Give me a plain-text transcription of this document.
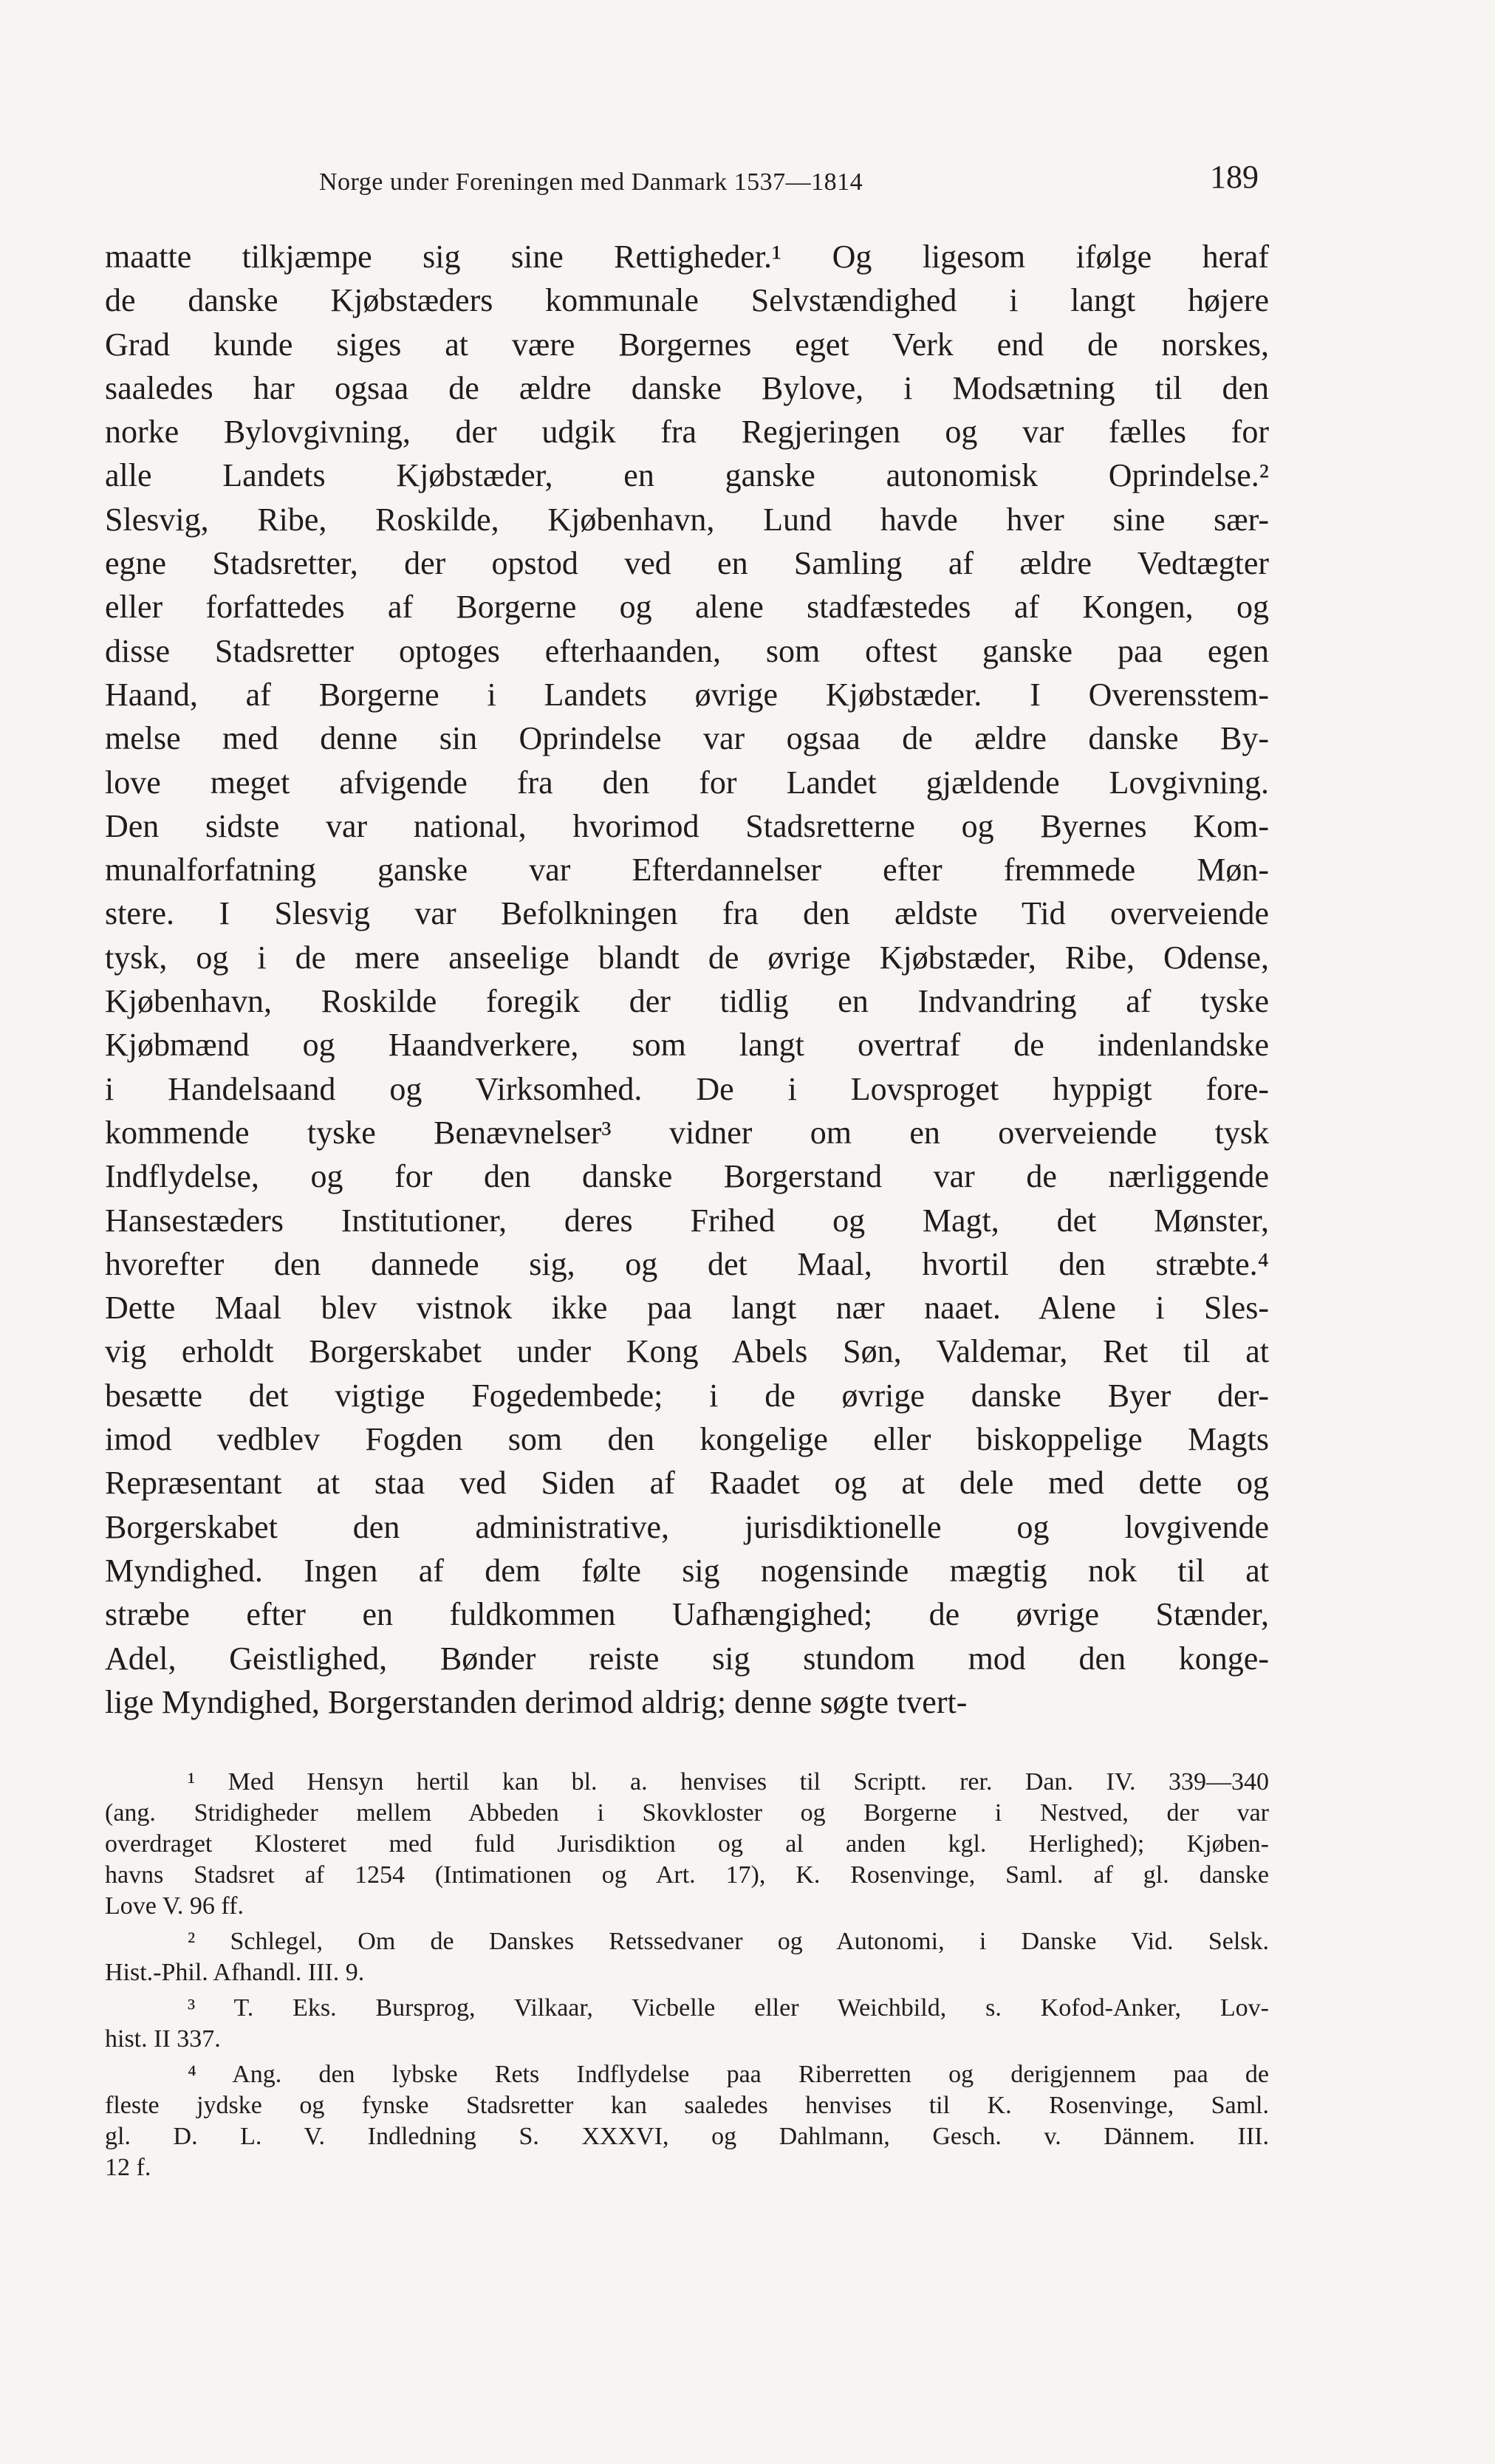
Norge under Foreningen med Danmark 1537—1814	189
maatte tilkjæmpe sig sine Rettigheder.¹ Og ligesom ifølge heraf
de danske Kjøbstæders kommunale Selvstændighed i langt højere
Grad kunde siges at være Borgernes eget Verk end de norskes,
saaledes har ogsaa de ældre danske Bylove, i Modsætning til den
norke Bylovgivning, der udgik fra Regjeringen og var fælles for
alle Landets Kjøbstæder, en ganske autonomisk Oprindelse.²
Slesvig, Ribe, Roskilde, Kjøbenhavn, Lund havde hver sine sær-
egne Stadsretter, der opstod ved en Samling af ældre Vedtægter
eller forfattedes af Borgerne og alene stadfæstedes af Kongen, og
disse Stadsretter optoges efterhaanden, som oftest ganske paa egen
Haand, af Borgerne i Landets øvrige Kjøbstæder. I Overensstem-
melse med denne sin Oprindelse var ogsaa de ældre danske By-
love meget afvigende fra den for Landet gjældende Lovgivning.
Den sidste var national, hvorimod Stadsretterne og Byernes Kom-
munalforfatning ganske var Efterdannelser efter fremmede Møn-
stere. I Slesvig var Befolkningen fra den ældste Tid overveiende
tysk, og i de mere anseelige blandt de øvrige Kjøbstæder, Ribe, Odense,
Kjøbenhavn, Roskilde foregik der tidlig en Indvandring af tyske
Kjøbmænd og Haandverkere, som langt overtraf de indenlandske
i Handelsaand og Virksomhed. De i Lovsproget hyppigt fore-
kommende tyske Benævnelser³ vidner om en overveiende tysk
Indflydelse, og for den danske Borgerstand var de nærliggende
Hansestæders Institutioner, deres Frihed og Magt, det Mønster,
hvorefter den dannede sig, og det Maal, hvortil den stræbte.⁴
Dette Maal blev vistnok ikke paa langt nær naaet. Alene i Sles-
vig erholdt Borgerskabet under Kong Abels Søn, Valdemar, Ret til at
besætte det vigtige Fogedembede; i de øvrige danske Byer der-
imod vedblev Fogden som den kongelige eller biskoppelige Magts
Repræsentant at staa ved Siden af Raadet og at dele med dette og
Borgerskabet den administrative, jurisdiktionelle og lovgivende
Myndighed. Ingen af dem følte sig nogensinde mægtig nok til at
stræbe efter en fuldkommen Uafhængighed; de øvrige Stænder,
Adel, Geistlighed, Bønder reiste sig stundom mod den konge-
lige Myndighed, Borgerstanden derimod aldrig; denne søgte tvert-
¹ Med Hensyn hertil kan bl. a. henvises til Scriptt. rer. Dan. IV. 339—340
(ang. Stridigheder mellem Abbeden i Skovkloster og Borgerne i Nestved, der var
overdraget Klosteret med fuld Jurisdiktion og al anden kgl. Herlighed); Kjøben-
havns Stadsret af 1254 (Intimationen og Art. 17), K. Rosenvinge, Saml. af gl. danske
Love V. 96 ff.
² Schlegel, Om de Danskes Retssedvaner og Autonomi, i Danske Vid. Selsk.
Hist.-Phil. Afhandl. III. 9.
³ T. Eks. Bursprog, Vilkaar, Vicbelle eller Weichbild, s. Kofod-Anker, Lov-
hist. II 337.
⁴ Ang. den lybske Rets Indflydelse paa Riberretten og derigjennem paa de
fleste jydske og fynske Stadsretter kan saaledes henvises til K. Rosenvinge, Saml.
gl. D. L. V. Indledning S. XXXVI, og Dahlmann, Gesch. v. Dännem. III.
12 f.
